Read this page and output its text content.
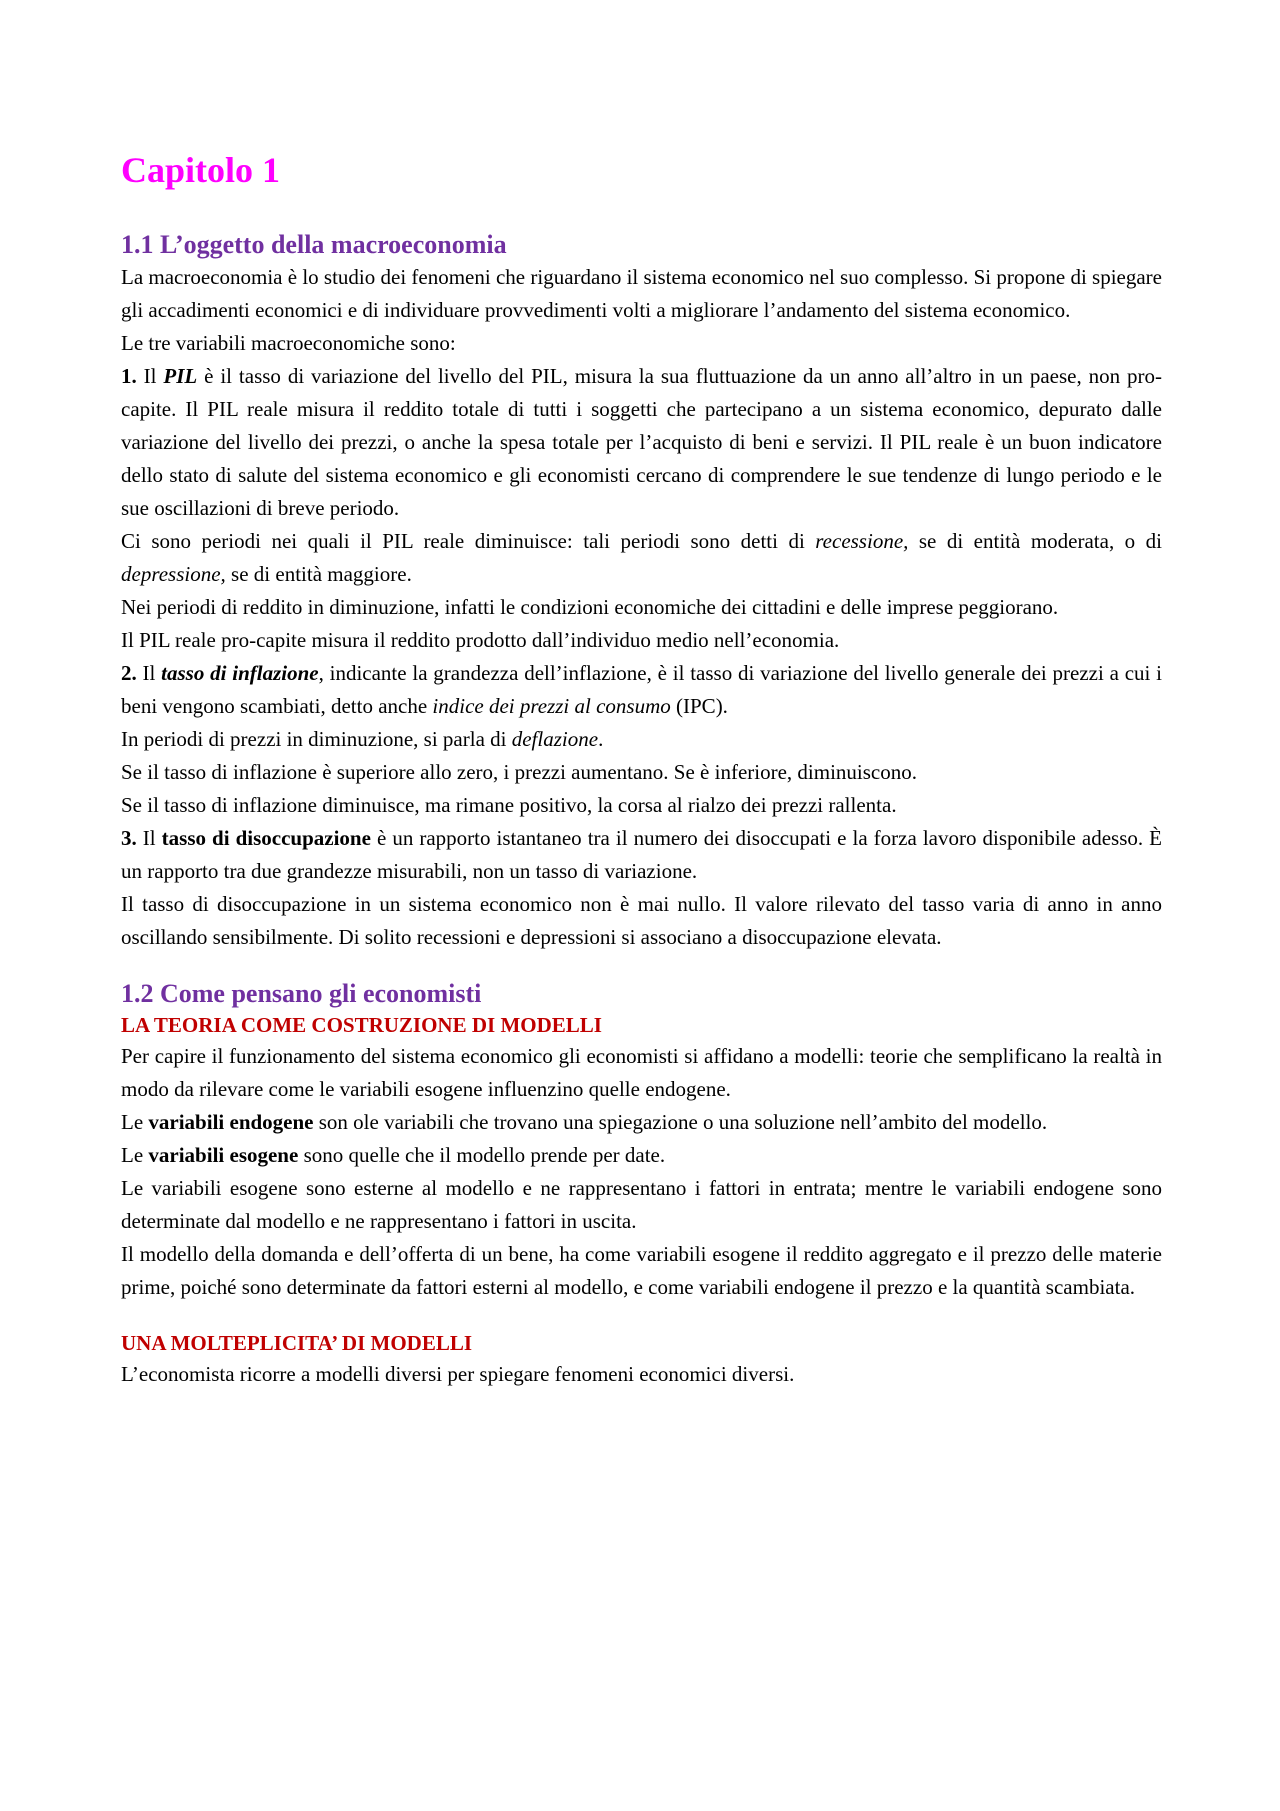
Capitolo 1
1.1 L’oggetto della macroeconomia

La macroeconomia è lo studio dei fenomeni che riguardano il sistema economico nel suo complesso. Si propone di spiegare gli accadimenti economici e di individuare provvedimenti volti a migliorare l’andamento del sistema economico.

Le tre variabili macroeconomiche sono:

1. Il PIL è il tasso di variazione del livello del PIL, misura la sua fluttuazione da un anno all’altro in un paese, non pro-capite. Il PIL reale misura il reddito totale di tutti i soggetti che partecipano a un sistema economico, depurato dalle variazione del livello dei prezzi, o anche la spesa totale per l’acquisto di beni e servizi. Il PIL reale è un buon indicatore dello stato di salute del sistema economico e gli economisti cercano di comprendere le sue tendenze di lungo periodo e le sue oscillazioni di breve periodo.

Ci sono periodi nei quali il PIL reale diminuisce: tali periodi sono detti di recessione, se di entità moderata, o di depressione, se di entità maggiore.

Nei periodi di reddito in diminuzione, infatti le condizioni economiche dei cittadini e delle imprese peggiorano.

Il PIL reale pro-capite misura il reddito prodotto dall’individuo medio nell’economia.

2. Il tasso di inflazione, indicante la grandezza dell’inflazione, è il tasso di variazione del livello generale dei prezzi a cui i beni vengono scambiati, detto anche indice dei prezzi al consumo (IPC).

In periodi di prezzi in diminuzione, si parla di deflazione.

Se il tasso di inflazione è superiore allo zero, i prezzi aumentano. Se è inferiore, diminuiscono.

Se il tasso di inflazione diminuisce, ma rimane positivo, la corsa al rialzo dei prezzi rallenta.

3. Il tasso di disoccupazione è un rapporto istantaneo tra il numero dei disoccupati e la forza lavoro disponibile adesso. È un rapporto tra due grandezze misurabili, non un tasso di variazione.

Il tasso di disoccupazione in un sistema economico non è mai nullo. Il valore rilevato del tasso varia di anno in anno oscillando sensibilmente. Di solito recessioni e depressioni si associano a disoccupazione elevata.

1.2 Come pensano gli economisti
LA TEORIA COME COSTRUZIONE DI MODELLI

Per capire il funzionamento del sistema economico gli economisti si affidano a modelli: teorie che semplificano la realtà in modo da rilevare come le variabili esogene influenzino quelle endogene.

Le variabili endogene son ole variabili che trovano una spiegazione o una soluzione nell’ambito del modello.

Le variabili esogene sono quelle che il modello prende per date.

Le variabili esogene sono esterne al modello e ne rappresentano i fattori in entrata; mentre le variabili endogene sono determinate dal modello e ne rappresentano i fattori in uscita.

Il modello della domanda e dell’offerta di un bene, ha come variabili esogene il reddito aggregato e il prezzo delle materie prime, poiché sono determinate da fattori esterni al modello, e come variabili endogene il prezzo e la quantità scambiata.

UNA MOLTEPLICITA’ DI MODELLI

L’economista ricorre a modelli diversi per spiegare fenomeni economici diversi.
